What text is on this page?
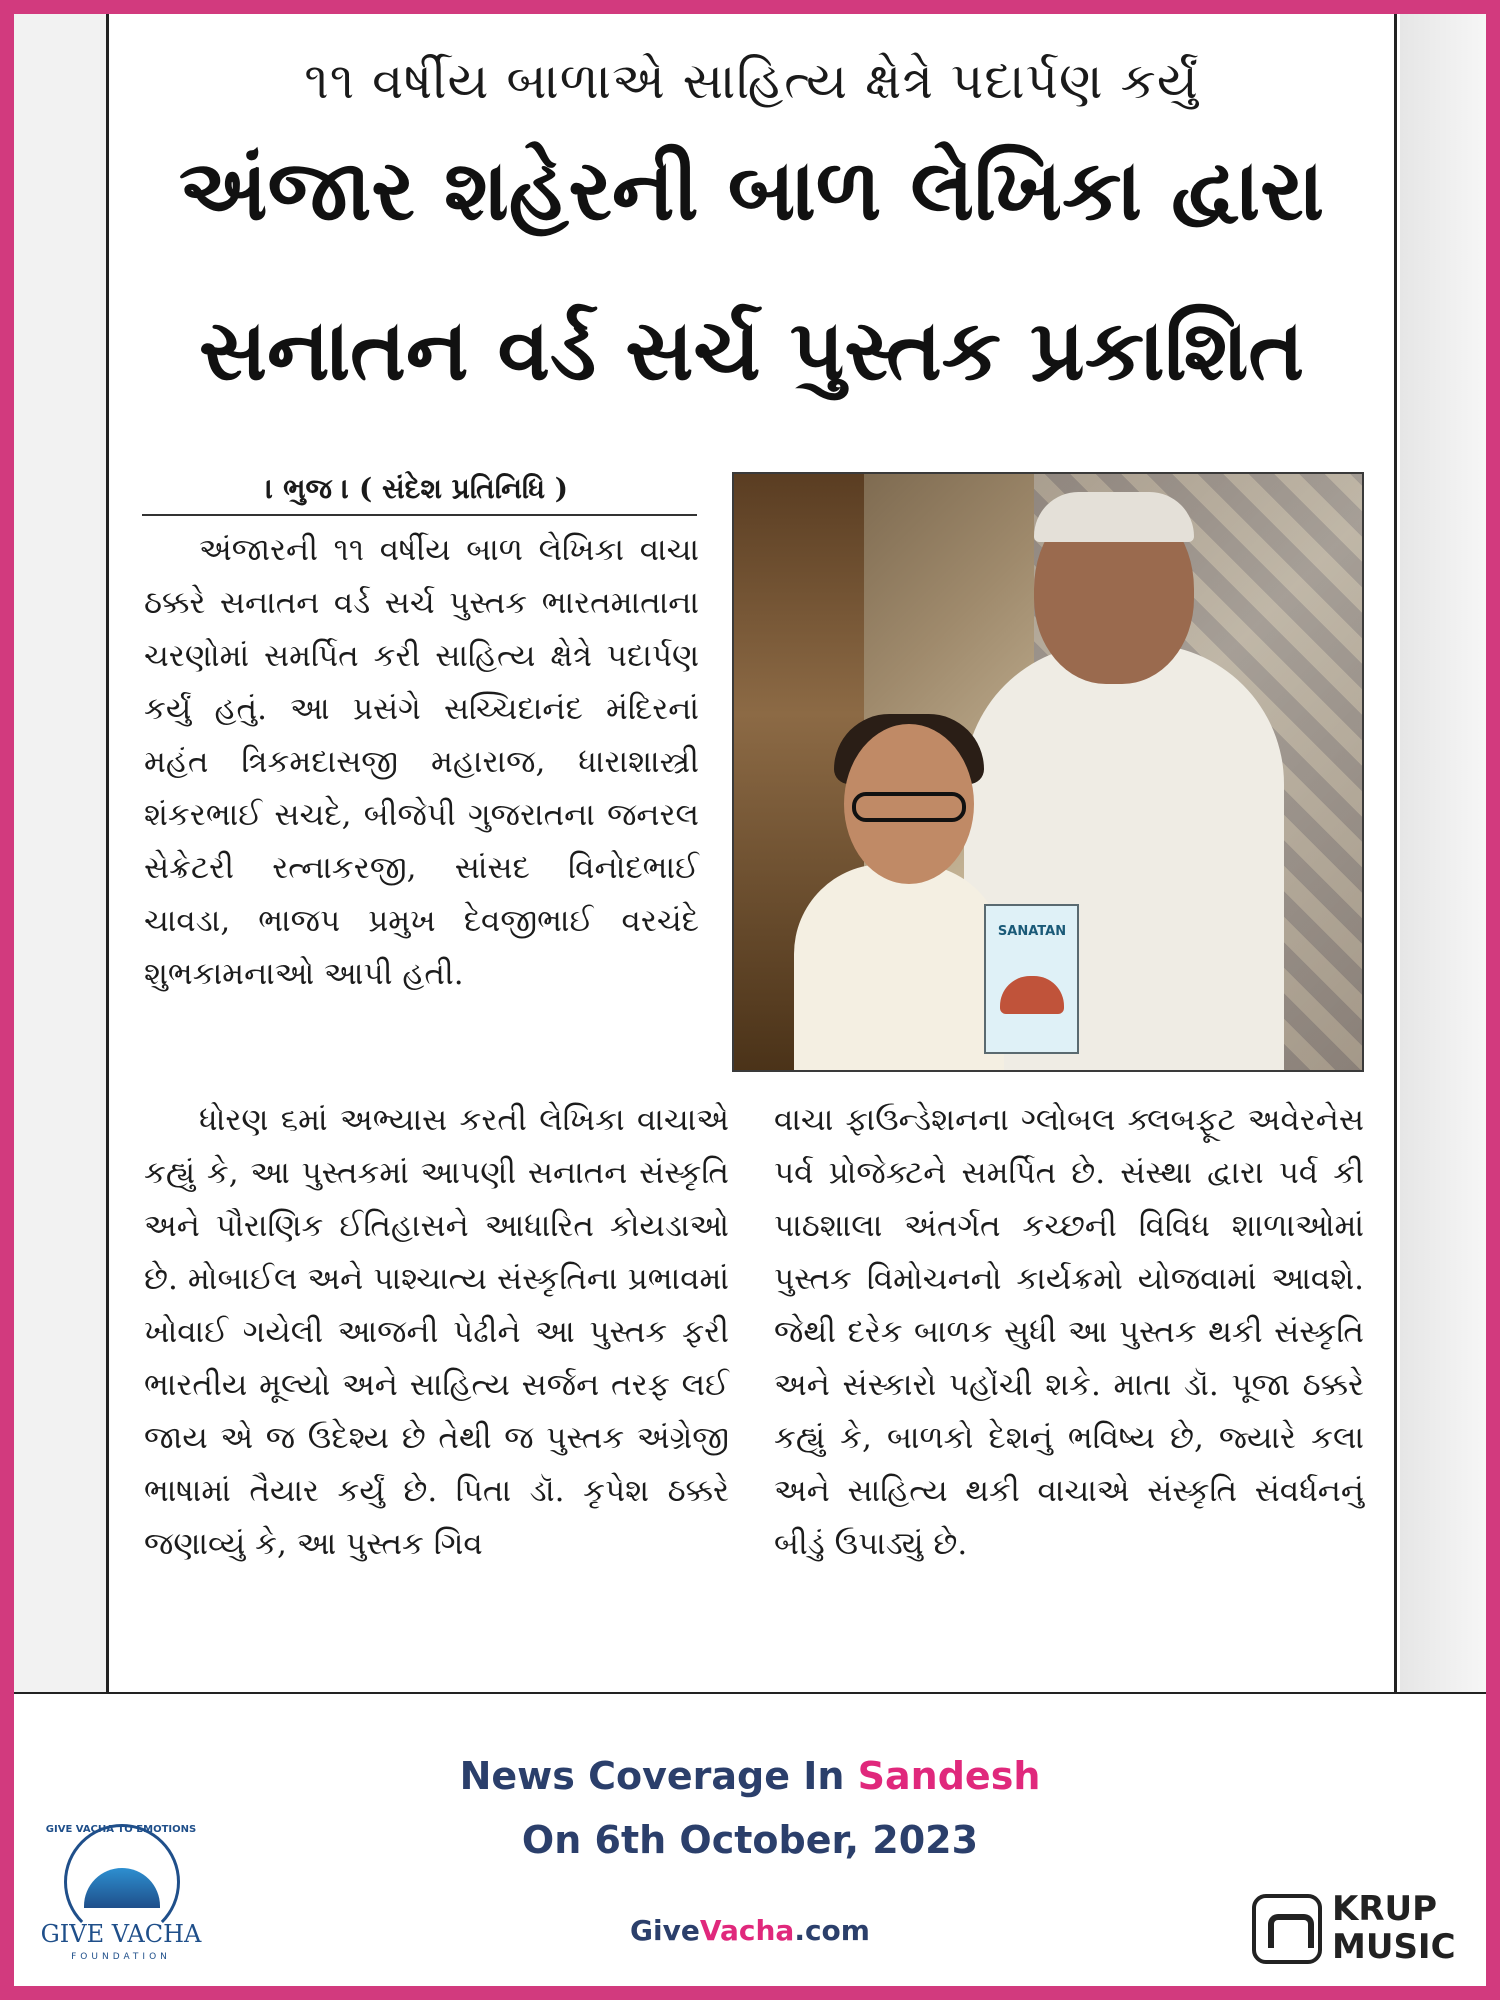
૧૧ વર્ષીય બાળાએ સાહિત્ય ક્ષેત્રે પદાર્પણ કર્યું
અંજાર શહેરની બાળ લેખિકા દ્વારા
સનાતન વર્ડ સર્ચ પુસ્તક પ્રકાશિત
। ભુજ । ( સંદેશ પ્રતિનિધિ )

અંજારની ૧૧ વર્ષીય બાળ લેખિકા વાચા ઠક્કરે સનાતન વર્ડ સર્ચ પુસ્તક ભારતમાતાના ચરણોમાં સમર્પિત કરી સાહિત્ય ક્ષેત્રે પદાર્પણ કર્યું હતું. આ પ્રસંગે સચ્ચિદાનંદ મંદિરનાં મહંત ત્રિકમદાસજી મહારાજ, ધારાશાસ્ત્રી શંકરભાઈ સચદે, બીજેપી ગુજરાતના જનરલ સેક્રેટરી રત્નાકરજી, સાંસદ વિનોદભાઈ ચાવડા, ભાજપ પ્રમુખ દેવજીભાઈ વરચંદે શુભકામનાઓ આપી હતી.

SANATAN

ધોરણ ૬માં અભ્યાસ કરતી લેખિકા વાચાએ કહ્યું કે, આ પુસ્તકમાં આપણી સનાતન સંસ્કૃતિ અને પૌરાણિક ઈતિહાસને આધારિત કોયડાઓ છે. મોબાઈલ અને પાશ્ચાત્ય સંસ્કૃતિના પ્રભાવમાં ખોવાઈ ગયેલી આજની પેઢીને આ પુસ્તક ફરી ભારતીય મૂલ્યો અને સાહિત્ય સર્જન તરફ લઈ જાય એ જ ઉદેશ્ય છે તેથી જ પુસ્તક અંગ્રેજી ભાષામાં તૈયાર કર્યું છે. પિતા ડૉ. કૃપેશ ઠક્કરે જણાવ્યું કે, આ પુસ્તક ગિવ

વાચા ફાઉન્ડેશનના ગ્લોબલ ક્લબફૂટ અવેરનેસ પર્વ પ્રોજેક્ટને સમર્પિત છે. સંસ્થા દ્વારા પર્વ કી પાઠશાલા અંતર્ગત કચ્છની વિવિધ શાળાઓમાં પુસ્તક વિમોચનનો કાર્યક્રમો યોજવામાં આવશે. જેથી દરેક બાળક સુધી આ પુસ્તક થકી સંસ્કૃતિ અને સંસ્કારો પહોંચી શકે. માતા ડૉ. પૂજા ઠક્કરે કહ્યું કે, બાળકો દેશનું ભવિષ્ય છે, જ્યારે કલા અને સાહિત્ય થકી વાચાએ સંસ્કૃતિ સંવર્ધનનું બીડું ઉપાડ્યું છે.

News Coverage In Sandesh
On 6th October, 2023
GiveVacha.com
GIVE VACHA TO EMOTIONS
GIVE VACHA
FOUNDATION
KRUP
MUSIC
